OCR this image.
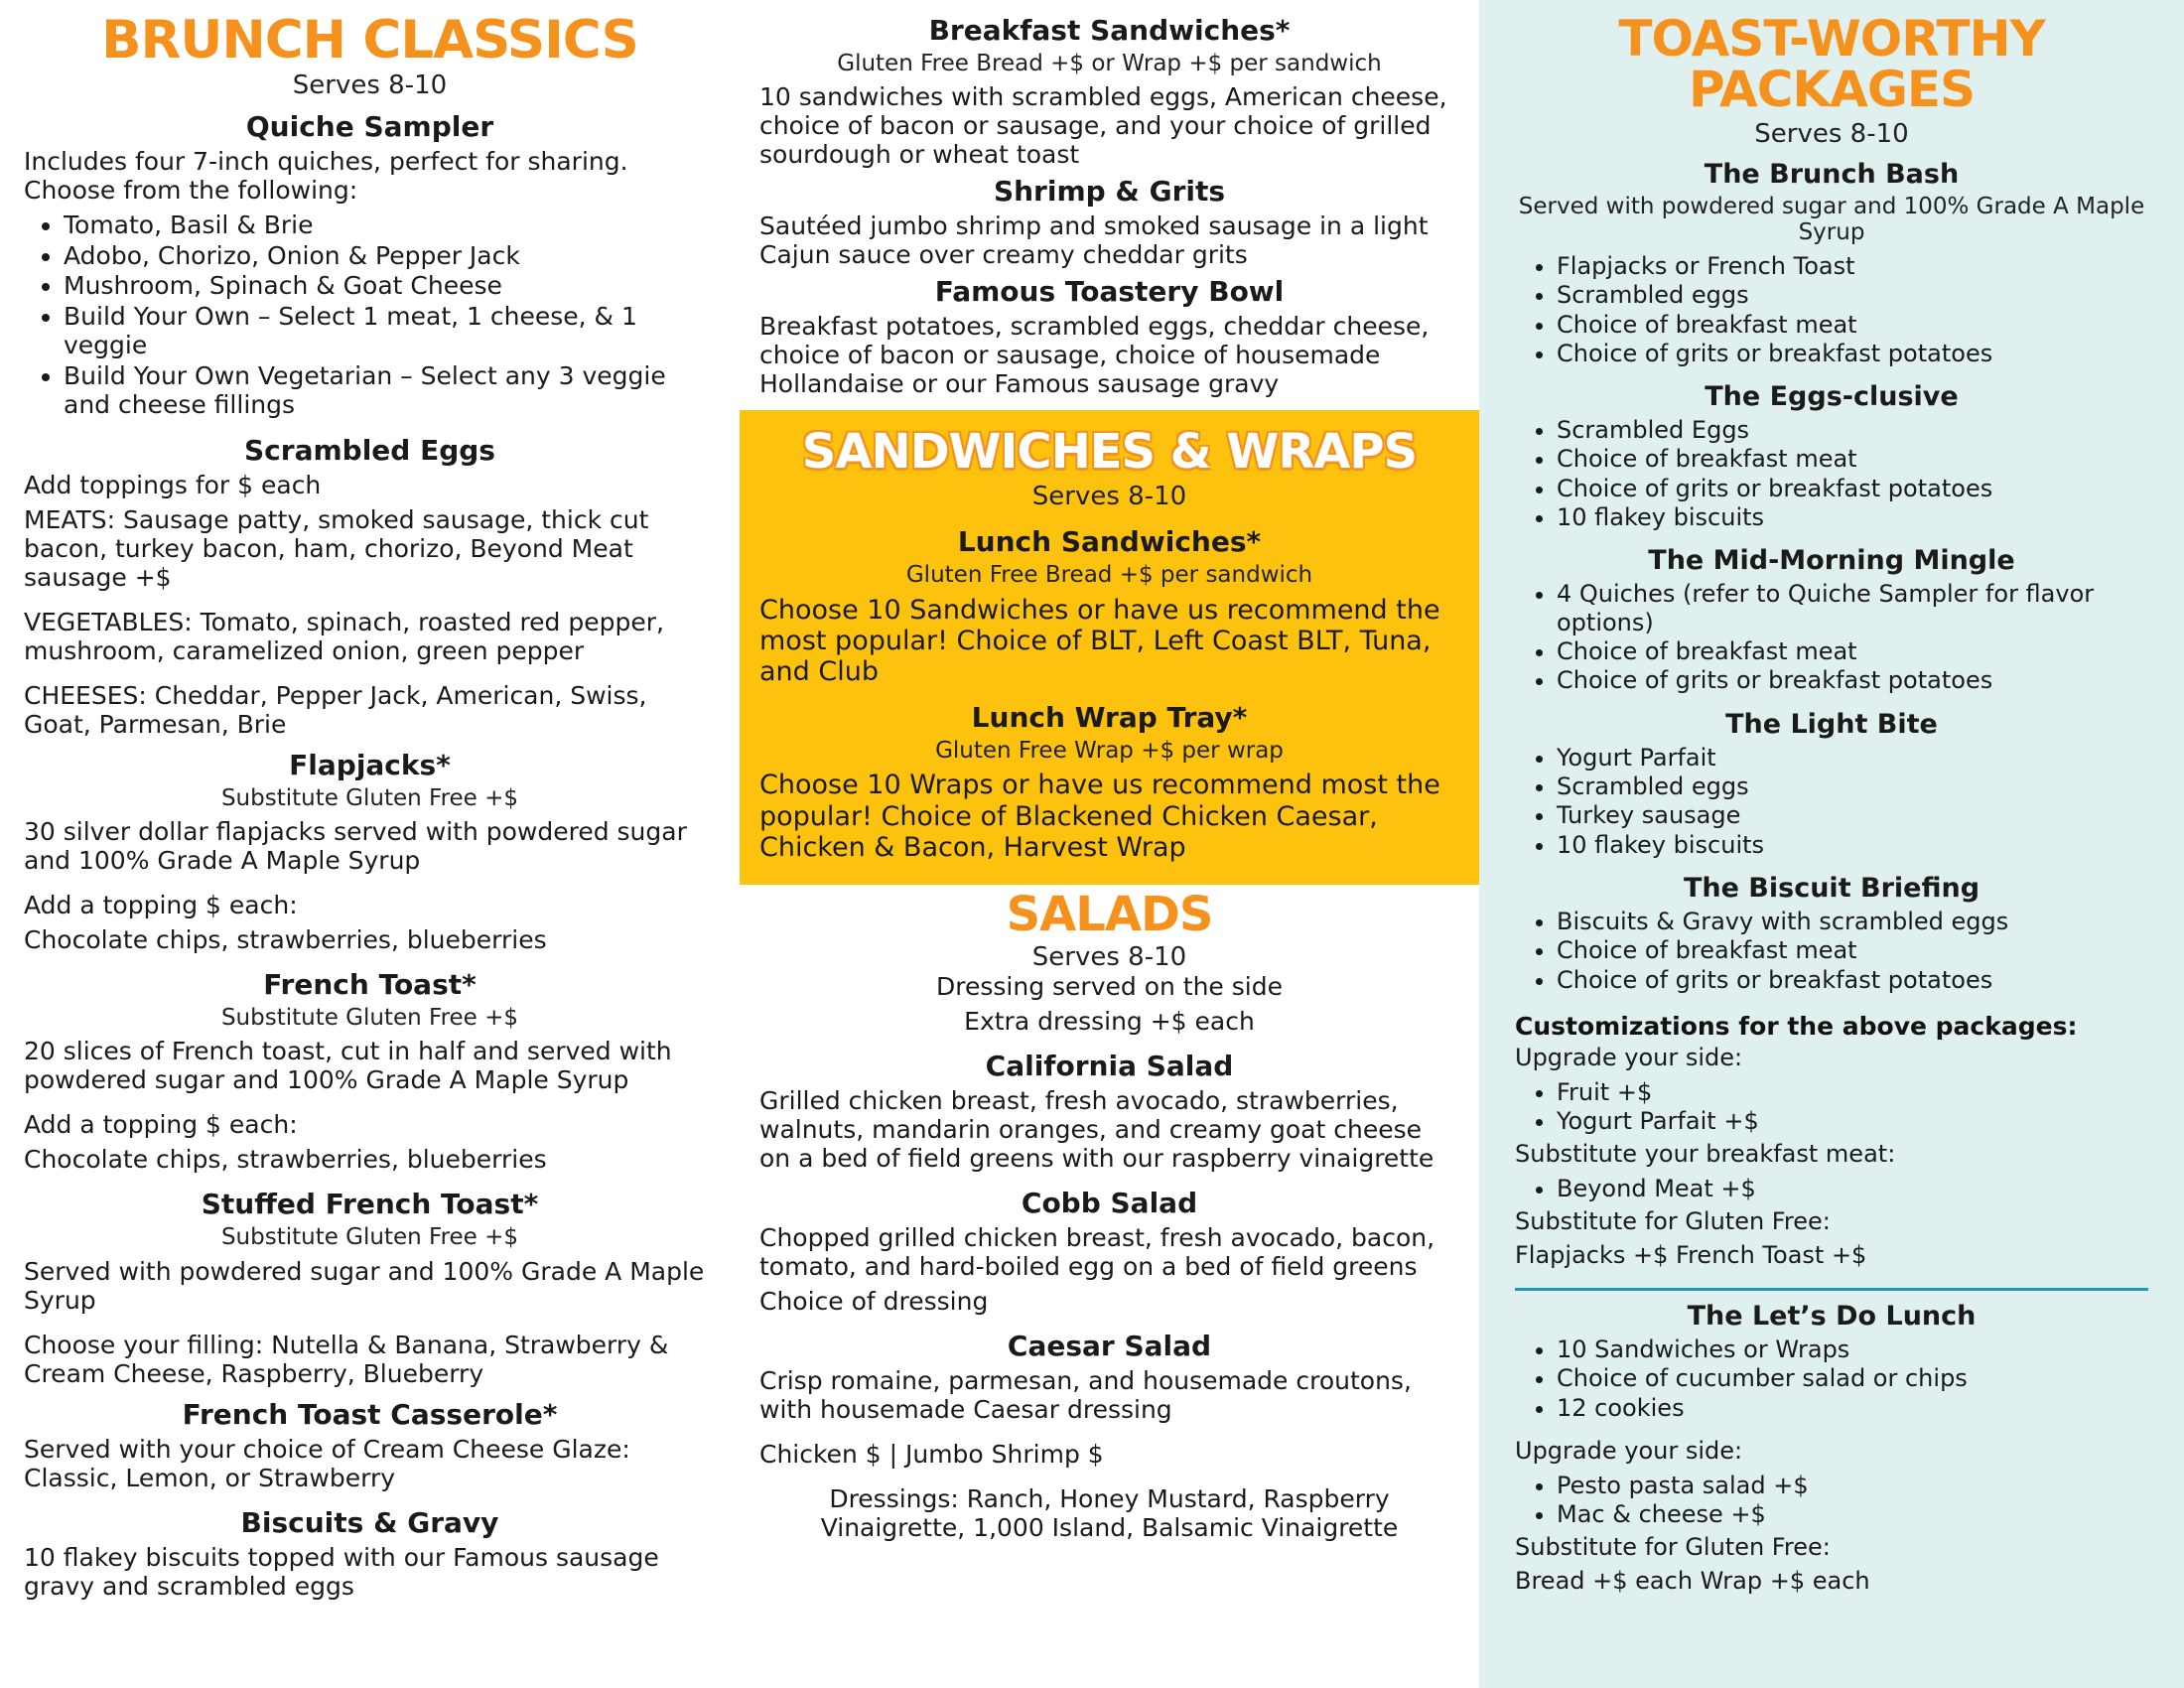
BRUNCH CLASSICS
Serves 8-10
Quiche Sampler

Includes four 7-inch quiches, perfect for sharing. Choose from the following:

• Tomato, Basil & Brie
• Adobo, Chorizo, Onion & Pepper Jack
• Mushroom, Spinach & Goat Cheese
• Build Your Own – Select 1 meat, 1 cheese, & 1 veggie
• Build Your Own Vegetarian – Select any 3 veggie and cheese fillings
Scrambled Eggs

Add toppings for $ each

MEATS: Sausage patty, smoked sausage, thick cut bacon, turkey bacon, ham, chorizo, Beyond Meat sausage +$

VEGETABLES: Tomato, spinach, roasted red pepper, mushroom, caramelized onion, green pepper

CHEESES: Cheddar, Pepper Jack, American, Swiss, Goat, Parmesan, Brie

Flapjacks*
Substitute Gluten Free +$

30 silver dollar flapjacks served with powdered sugar and 100% Grade A Maple Syrup

Add a topping $ each:

Chocolate chips, strawberries, blueberries

French Toast*
Substitute Gluten Free +$

20 slices of French toast, cut in half and served with powdered sugar and 100% Grade A Maple Syrup

Add a topping $ each:

Chocolate chips, strawberries, blueberries

Stuffed French Toast*
Substitute Gluten Free +$

Served with powdered sugar and 100% Grade A Maple Syrup

Choose your filling: Nutella & Banana, Strawberry & Cream Cheese, Raspberry, Blueberry

French Toast Casserole*

Served with your choice of Cream Cheese Glaze: Classic, Lemon, or Strawberry

Biscuits & Gravy

10 flakey biscuits topped with our Famous sausage gravy and scrambled eggs

Breakfast Sandwiches*
Gluten Free Bread +$ or Wrap +$ per sandwich

10 sandwiches with scrambled eggs, American cheese, choice of bacon or sausage, and your choice of grilled sourdough or wheat toast

Shrimp & Grits

Sautéed jumbo shrimp and smoked sausage in a light Cajun sauce over creamy cheddar grits

Famous Toastery Bowl

Breakfast potatoes, scrambled eggs, cheddar cheese, choice of bacon or sausage, choice of housemade Hollandaise or our Famous sausage gravy

SANDWICHES & WRAPS
Serves 8-10
Lunch Sandwiches*
Gluten Free Bread +$ per sandwich

Choose 10 Sandwiches or have us recommend the most popular! Choice of BLT, Left Coast BLT, Tuna, and Club

Lunch Wrap Tray*
Gluten Free Wrap +$ per wrap

Choose 10 Wraps or have us recommend most the popular! Choice of Blackened Chicken Caesar, Chicken & Bacon, Harvest Wrap

SALADS
Serves 8-10

Dressing served on the side

Extra dressing +$ each

California Salad

Grilled chicken breast, fresh avocado, strawberries, walnuts, mandarin oranges, and creamy goat cheese on a bed of field greens with our raspberry vinaigrette

Cobb Salad

Chopped grilled chicken breast, fresh avocado, bacon, tomato, and hard-boiled egg on a bed of field greens

Choice of dressing

Caesar Salad

Crisp romaine, parmesan, and housemade croutons, with housemade Caesar dressing

Chicken $ | Jumbo Shrimp $

Dressings: Ranch, Honey Mustard, Raspberry Vinaigrette, 1,000 Island, Balsamic Vinaigrette

TOAST-WORTHY
PACKAGES
Serves 8-10
The Brunch Bash
Served with powdered sugar and 100% Grade A Maple Syrup
• Flapjacks or French Toast
• Scrambled eggs
• Choice of breakfast meat
• Choice of grits or breakfast potatoes
The Eggs-clusive
• Scrambled Eggs
• Choice of breakfast meat
• Choice of grits or breakfast potatoes
• 10 flakey biscuits
The Mid-Morning Mingle
• 4 Quiches (refer to Quiche Sampler for flavor options)
• Choice of breakfast meat
• Choice of grits or breakfast potatoes
The Light Bite
• Yogurt Parfait
• Scrambled eggs
• Turkey sausage
• 10 flakey biscuits
The Biscuit Briefing
• Biscuits & Gravy with scrambled eggs
• Choice of breakfast meat
• Choice of grits or breakfast potatoes
Customizations for the above packages:

Upgrade your side:

• Fruit +$
• Yogurt Parfait +$

Substitute your breakfast meat:

• Beyond Meat +$

Substitute for Gluten Free:

Flapjacks +$ French Toast +$

The Let’s Do Lunch
• 10 Sandwiches or Wraps
• Choice of cucumber salad or chips
• 12 cookies

Upgrade your side:

• Pesto pasta salad +$
• Mac & cheese +$

Substitute for Gluten Free:

Bread +$ each Wrap +$ each
